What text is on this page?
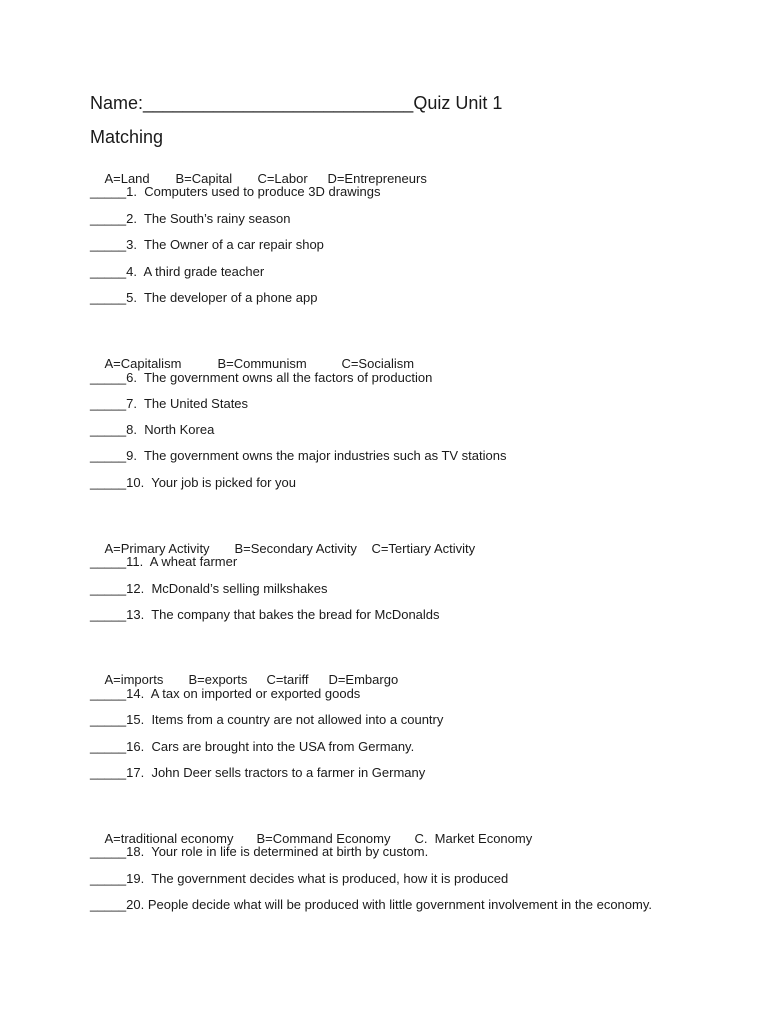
Name:___________________________Quiz Unit 1
Matching

A=Land B=Capital C=Labor D=Entrepreneurs

_____1.  Computers used to produce 3D drawings
_____2.  The South’s rainy season
_____3.  The Owner of a car repair shop
_____4.  A third grade teacher
_____5.  The developer of a phone app

A=Capitalism	B=Communism	C=Socialism

_____6.  The government owns all the factors of production
_____7.  The United States
_____8.  North Korea
_____9.  The government owns the major industries such as TV stations
_____10.  Your job is picked for you

A=Primary Activity B=Secondary Activity C=Tertiary Activity

_____11.  A wheat farmer
_____12.  McDonald’s selling milkshakes
_____13.  The company that bakes the bread for McDonalds

A=imports B=exports C=tariff D=Embargo

_____14.  A tax on imported or exported goods
_____15.  Items from a country are not allowed into a country
_____16.  Cars are brought into the USA from Germany.
_____17.  John Deer sells tractors to a farmer in Germany

A=traditional economy B=Command Economy C.  Market Economy

_____18.  Your role in life is determined at birth by custom.
_____19.  The government decides what is produced, how it is produced
_____20. People decide what will be produced with little government involvement in the economy.
